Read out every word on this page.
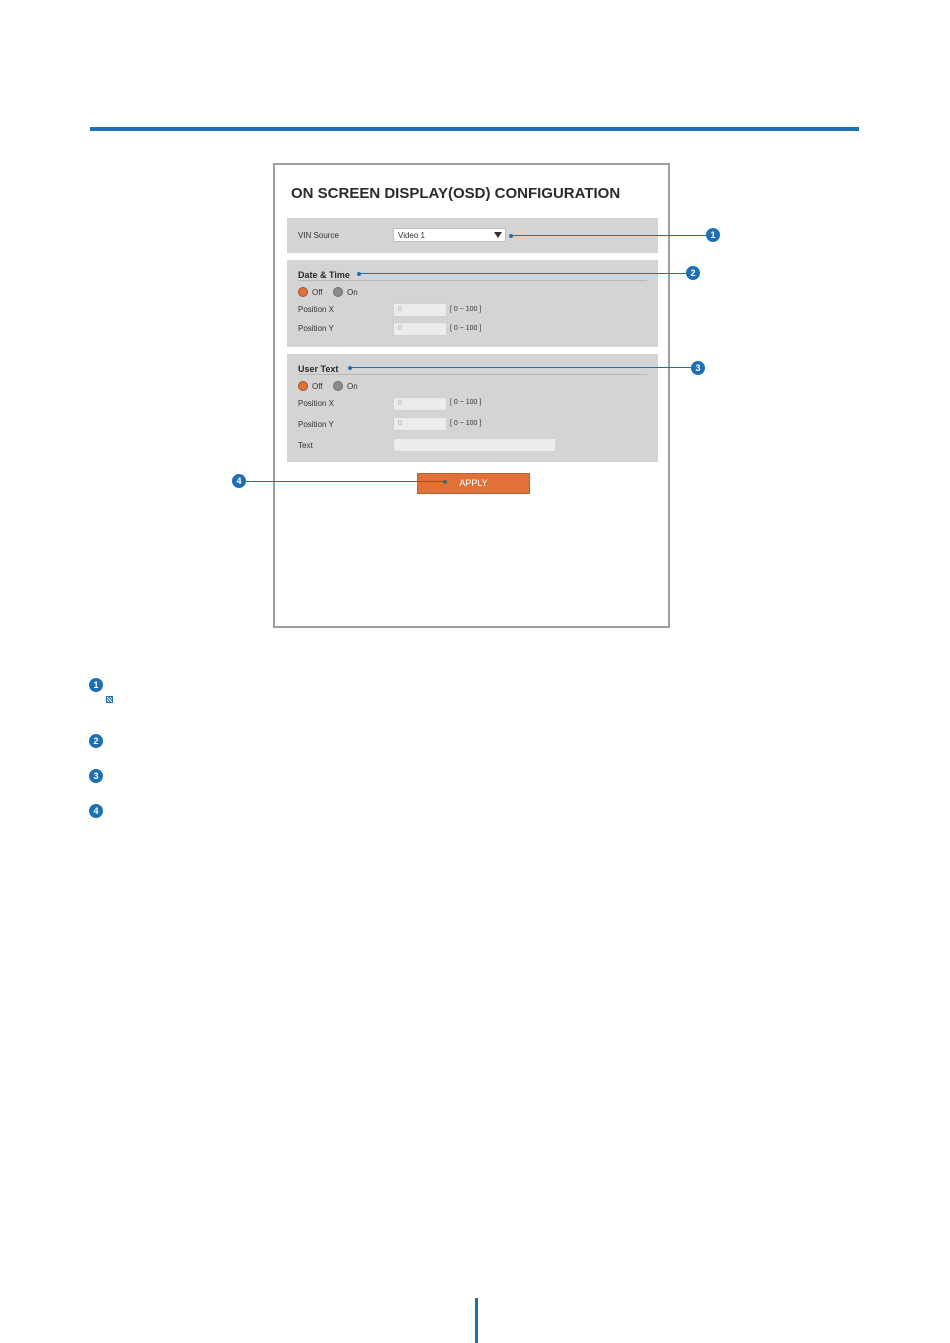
ON SCREEN DISPLAY(OSD) CONFIGURATION
VIN Source	Video 1
Date & Time
Off	On
Position X	0	[ 0 ~ 100 ]
Position Y	0	[ 0 ~ 100 ]
User Text
Off	On
Position X	0	[ 0 ~ 100 ]
Position Y	0	[ 0 ~ 100 ]
Text
APPLY
1
2
3
4
1
2
3
4
